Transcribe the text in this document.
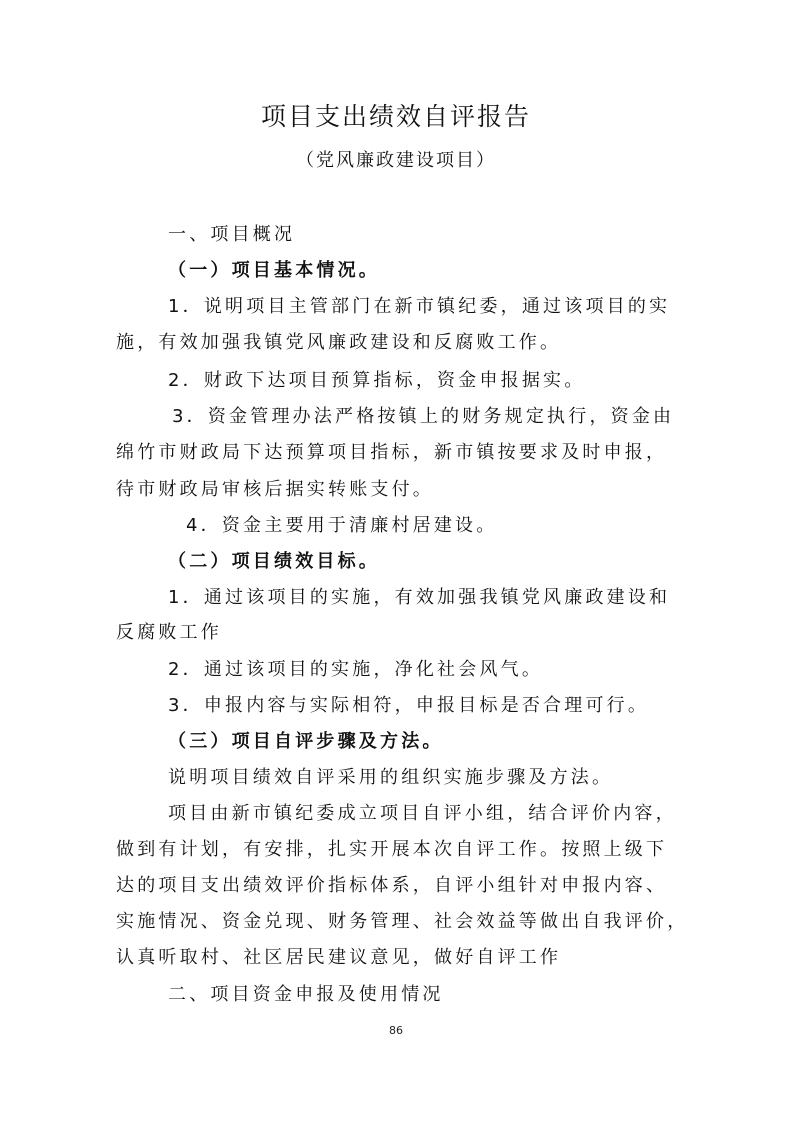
项目支出绩效自评报告
（党风廉政建设项目）
一、项目概况
（一）项目基本情况。
1．说明项目主管部门在新市镇纪委，通过该项目的实
施，有效加强我镇党风廉政建设和反腐败工作。
2．财政下达项目预算指标，资金申报据实。
3．资金管理办法严格按镇上的财务规定执行，资金由
绵竹市财政局下达预算项目指标，新市镇按要求及时申报，
待市财政局审核后据实转账支付。
4．资金主要用于清廉村居建设。
（二）项目绩效目标。
1．通过该项目的实施，有效加强我镇党风廉政建设和
反腐败工作
2．通过该项目的实施，净化社会风气。
3．申报内容与实际相符，申报目标是否合理可行。
（三）项目自评步骤及方法。
说明项目绩效自评采用的组织实施步骤及方法。
项目由新市镇纪委成立项目自评小组，结合评价内容，
做到有计划，有安排，扎实开展本次自评工作。按照上级下
达的项目支出绩效评价指标体系，自评小组针对申报内容、
实施情况、资金兑现、财务管理、社会效益等做出自我评价，
认真听取村、社区居民建议意见，做好自评工作
二、项目资金申报及使用情况
86
